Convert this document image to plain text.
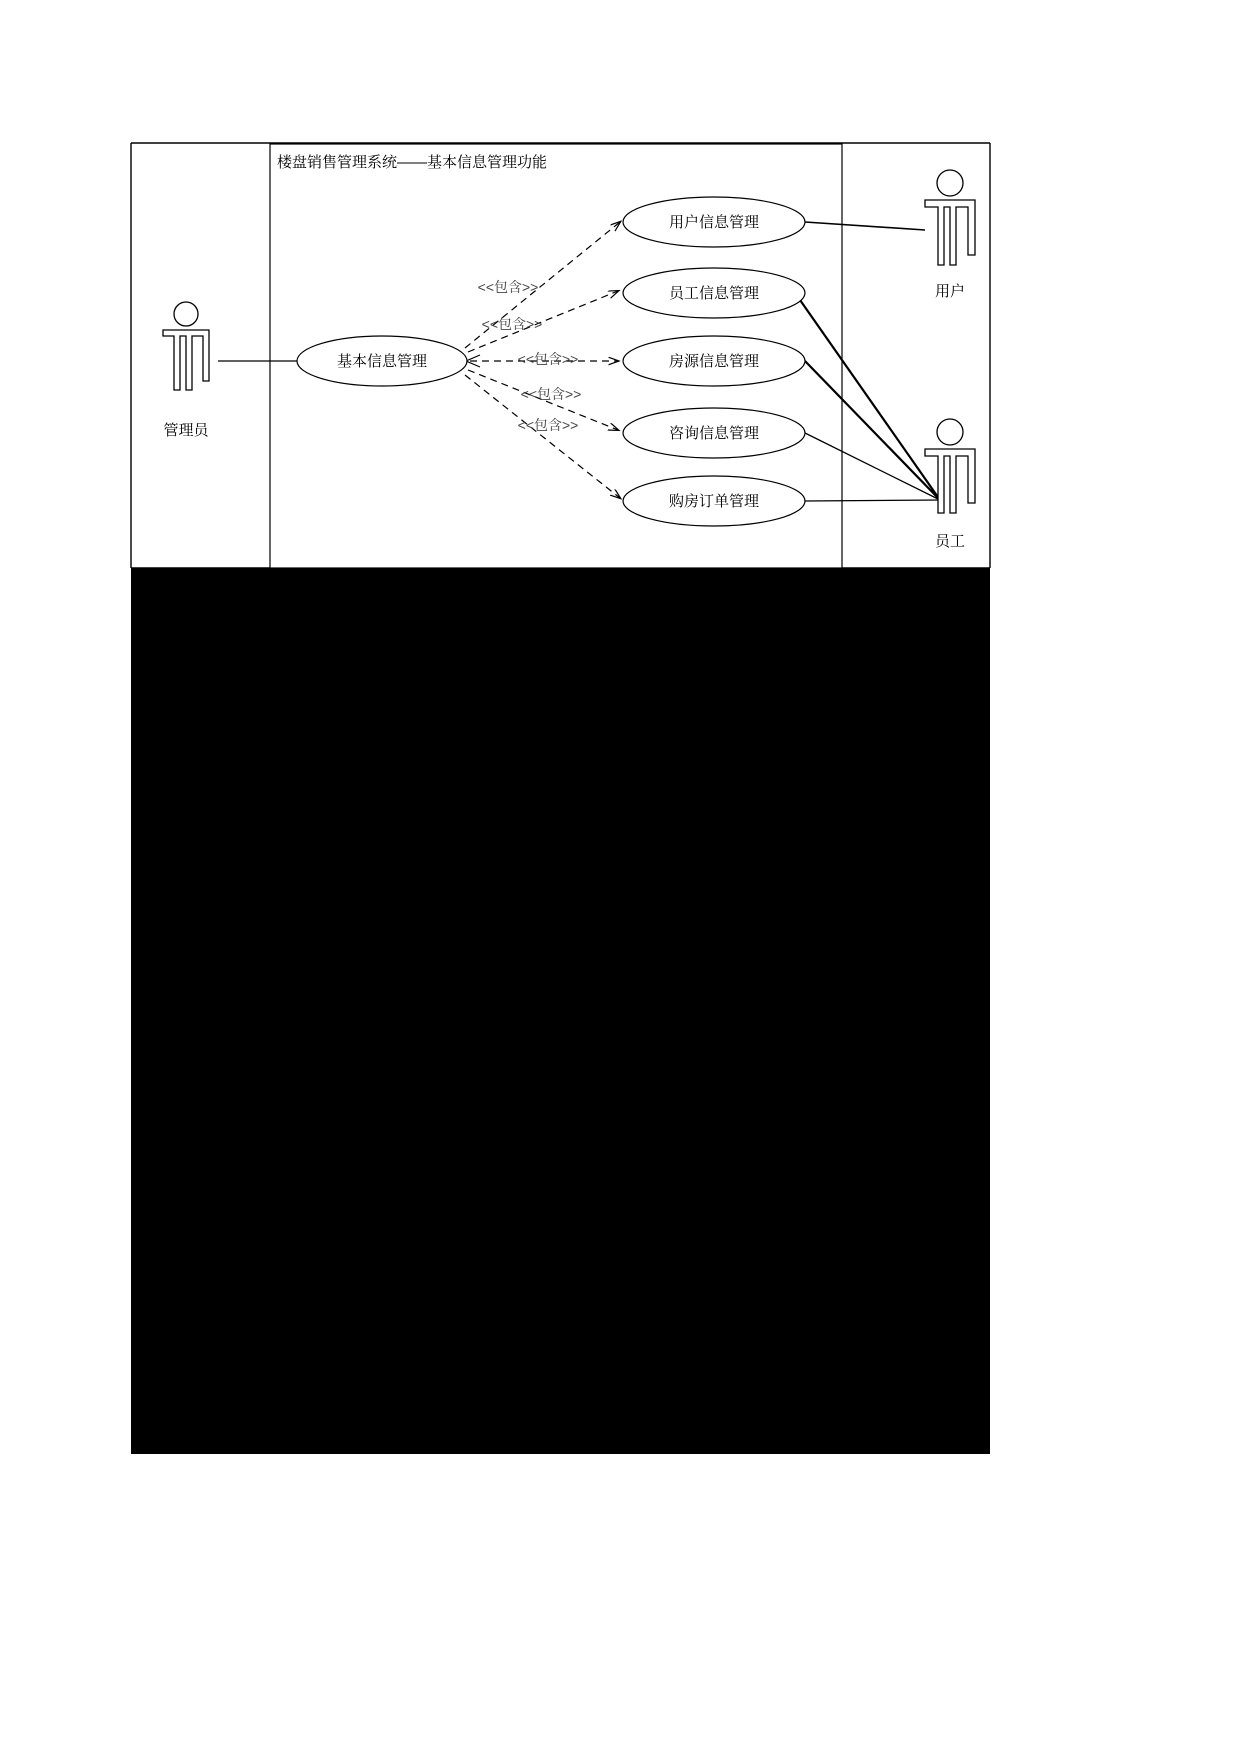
楼盘销售管理系统——基本信息管理功能
<<包含>>
<<包含>>
<<包含>>
<<包含>>
<<包含>>
基本信息管理
用户信息管理
员工信息管理
房源信息管理
咨询信息管理
购房订单管理
管理员
用户
员工
